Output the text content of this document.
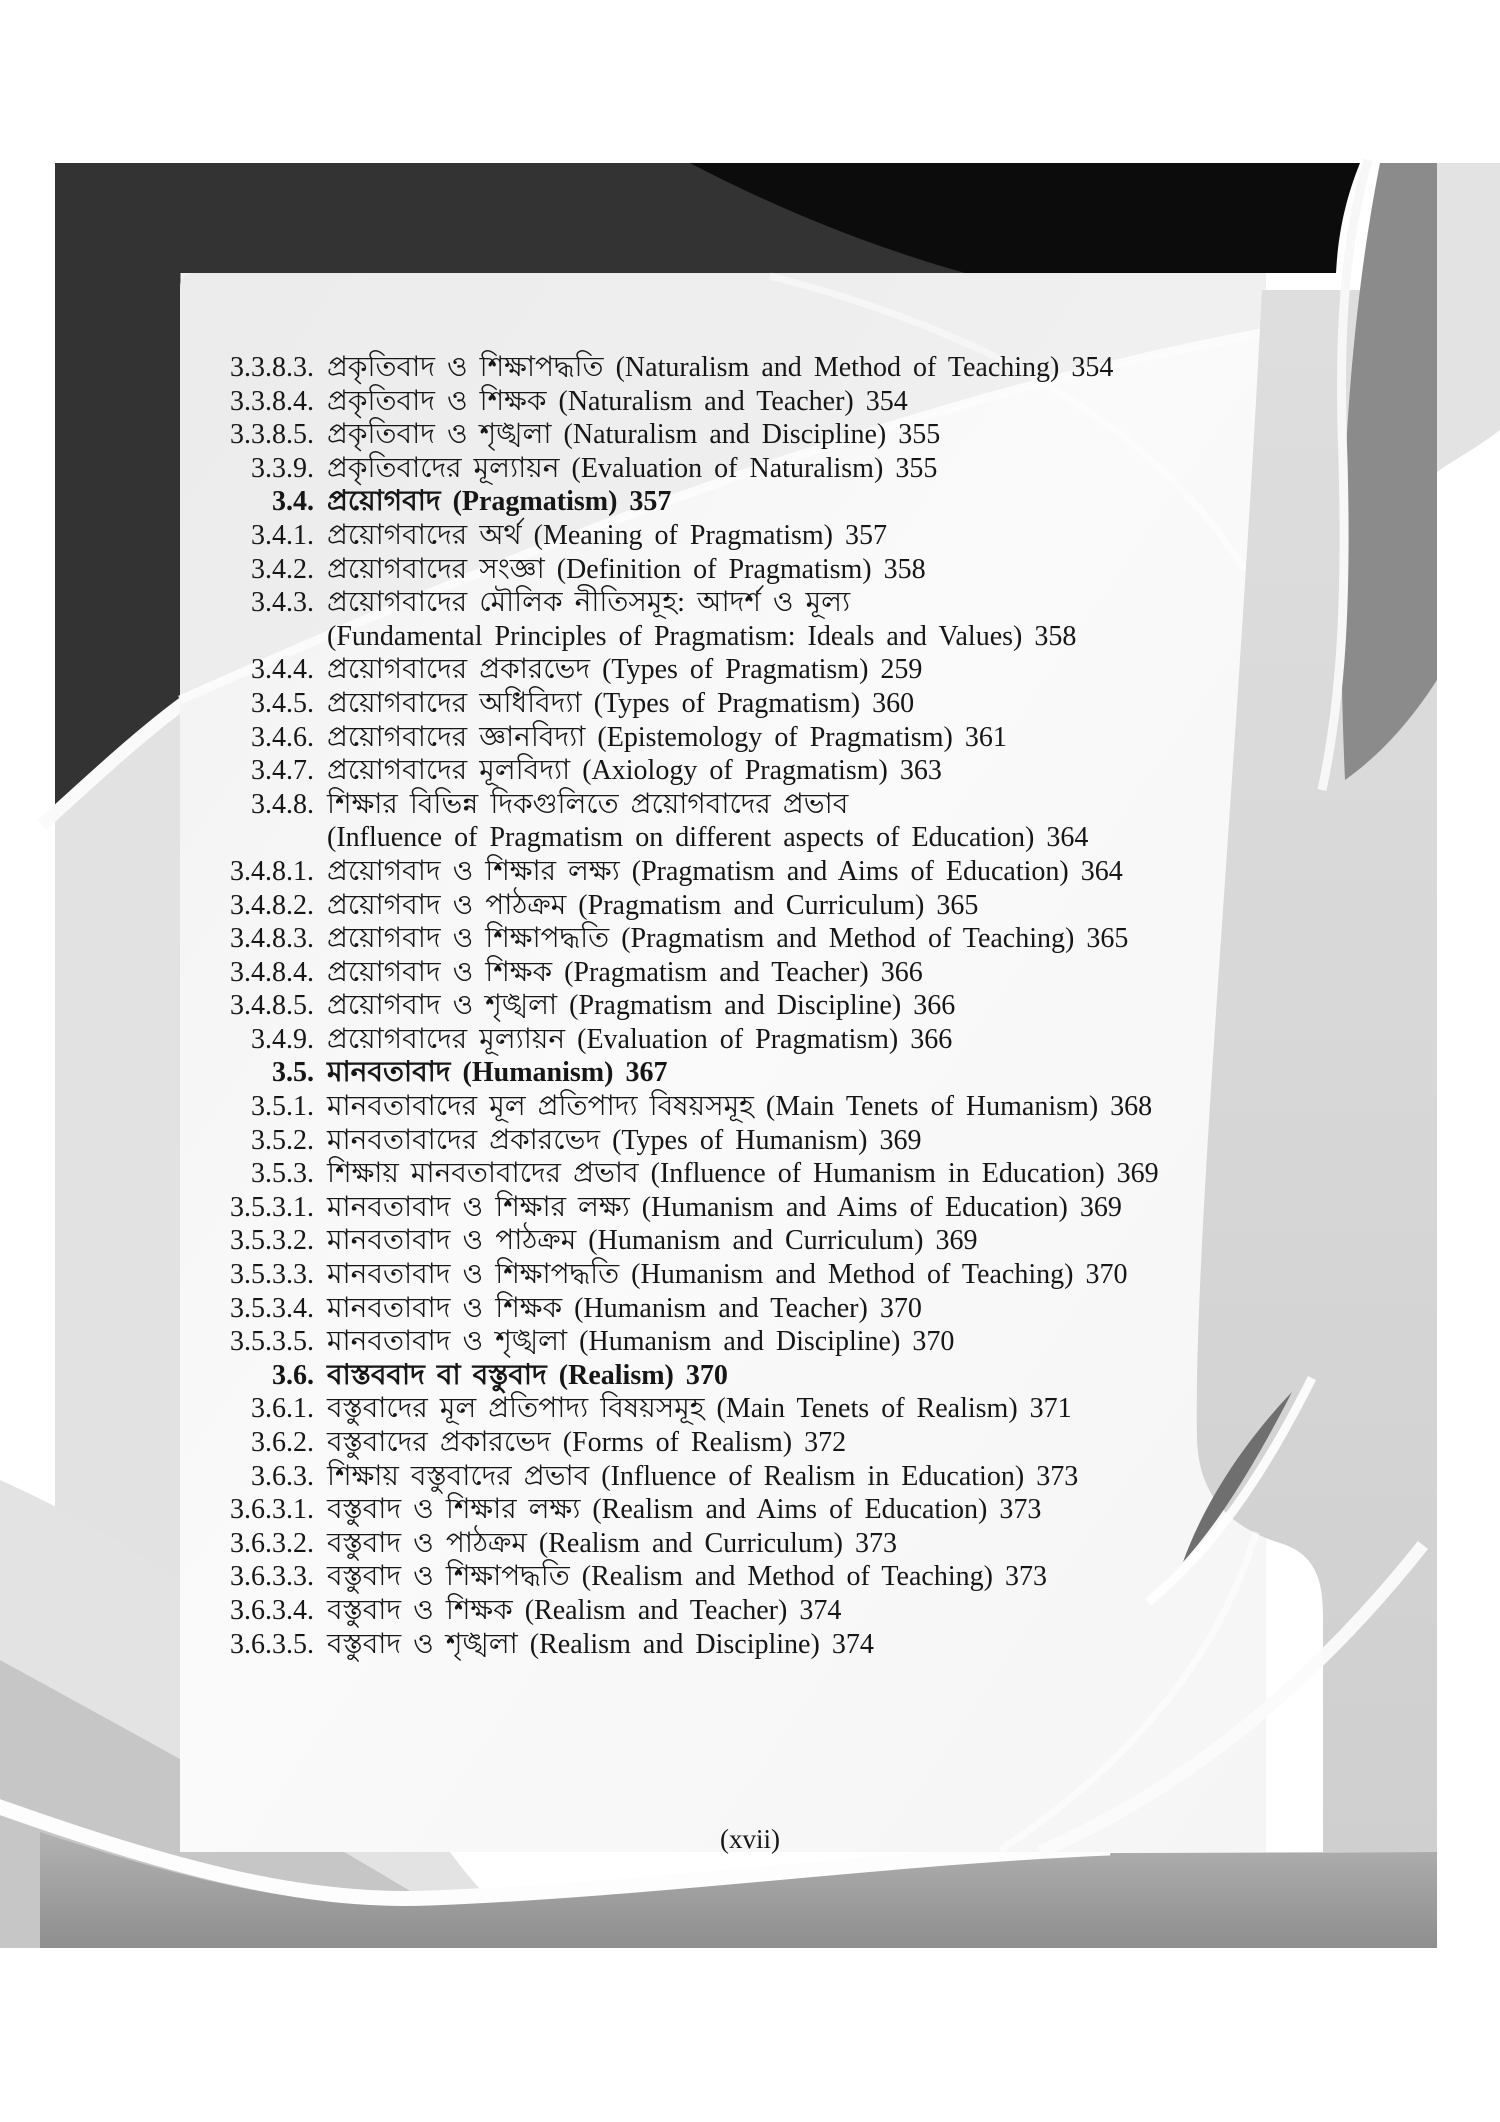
3.3.8.3. প্রকৃতিবাদ ও শিক্ষাপদ্ধতি (Naturalism and Method of Teaching) 354
3.3.8.4. প্রকৃতিবাদ ও শিক্ষক (Naturalism and Teacher) 354
3.3.8.5. প্রকৃতিবাদ ও শৃঙ্খলা (Naturalism and Discipline) 355
3.3.9. প্রকৃতিবাদের মূল্যায়ন (Evaluation of Naturalism) 355
3.4. প্রয়োগবাদ (Pragmatism) 357
3.4.1. প্রয়োগবাদের অর্থ (Meaning of Pragmatism) 357
3.4.2. প্রয়োগবাদের সংজ্ঞা (Definition of Pragmatism) 358
3.4.3. প্রয়োগবাদের মৌলিক নীতিসমূহ: আদর্শ ও মূল্য
(Fundamental Principles of Pragmatism: Ideals and Values) 358
3.4.4. প্রয়োগবাদের প্রকারভেদ (Types of Pragmatism) 259
3.4.5. প্রয়োগবাদের অধিবিদ্যা (Types of Pragmatism) 360
3.4.6. প্রয়োগবাদের জ্ঞানবিদ্যা (Epistemology of Pragmatism) 361
3.4.7. প্রয়োগবাদের মূলবিদ্যা (Axiology of Pragmatism) 363
3.4.8. শিক্ষার বিভিন্ন দিকগুলিতে প্রয়োগবাদের প্রভাব
(Influence of Pragmatism on different aspects of Education) 364
3.4.8.1. প্রয়োগবাদ ও শিক্ষার লক্ষ্য (Pragmatism and Aims of Education) 364
3.4.8.2. প্রয়োগবাদ ও পাঠক্রম (Pragmatism and Curriculum) 365
3.4.8.3. প্রয়োগবাদ ও শিক্ষাপদ্ধতি (Pragmatism and Method of Teaching) 365
3.4.8.4. প্রয়োগবাদ ও শিক্ষক (Pragmatism and Teacher) 366
3.4.8.5. প্রয়োগবাদ ও শৃঙ্খলা (Pragmatism and Discipline) 366
3.4.9. প্রয়োগবাদের মূল্যায়ন (Evaluation of Pragmatism) 366
3.5. মানবতাবাদ (Humanism) 367
3.5.1. মানবতাবাদের মূল প্রতিপাদ্য বিষয়সমূহ (Main Tenets of Humanism) 368
3.5.2. মানবতাবাদের প্রকারভেদ (Types of Humanism) 369
3.5.3. শিক্ষায় মানবতাবাদের প্রভাব (Influence of Humanism in Education) 369
3.5.3.1. মানবতাবাদ ও শিক্ষার লক্ষ্য (Humanism and Aims of Education) 369
3.5.3.2. মানবতাবাদ ও পাঠক্রম (Humanism and Curriculum) 369
3.5.3.3. মানবতাবাদ ও শিক্ষাপদ্ধতি (Humanism and Method of Teaching) 370
3.5.3.4. মানবতাবাদ ও শিক্ষক (Humanism and Teacher) 370
3.5.3.5. মানবতাবাদ ও শৃঙ্খলা (Humanism and Discipline) 370
3.6. বাস্তববাদ বা বস্তুবাদ (Realism) 370
3.6.1. বস্তুবাদের মূল প্রতিপাদ্য বিষয়সমূহ (Main Tenets of Realism) 371
3.6.2. বস্তুবাদের প্রকারভেদ (Forms of Realism) 372
3.6.3. শিক্ষায় বস্তুবাদের প্রভাব (Influence of Realism in Education) 373
3.6.3.1. বস্তুবাদ ও শিক্ষার লক্ষ্য (Realism and Aims of Education) 373
3.6.3.2. বস্তুবাদ ও পাঠক্রম (Realism and Curriculum) 373
3.6.3.3. বস্তুবাদ ও শিক্ষাপদ্ধতি (Realism and Method of Teaching) 373
3.6.3.4. বস্তুবাদ ও শিক্ষক (Realism and Teacher) 374
3.6.3.5. বস্তুবাদ ও শৃঙ্খলা (Realism and Discipline) 374
(xvii)
